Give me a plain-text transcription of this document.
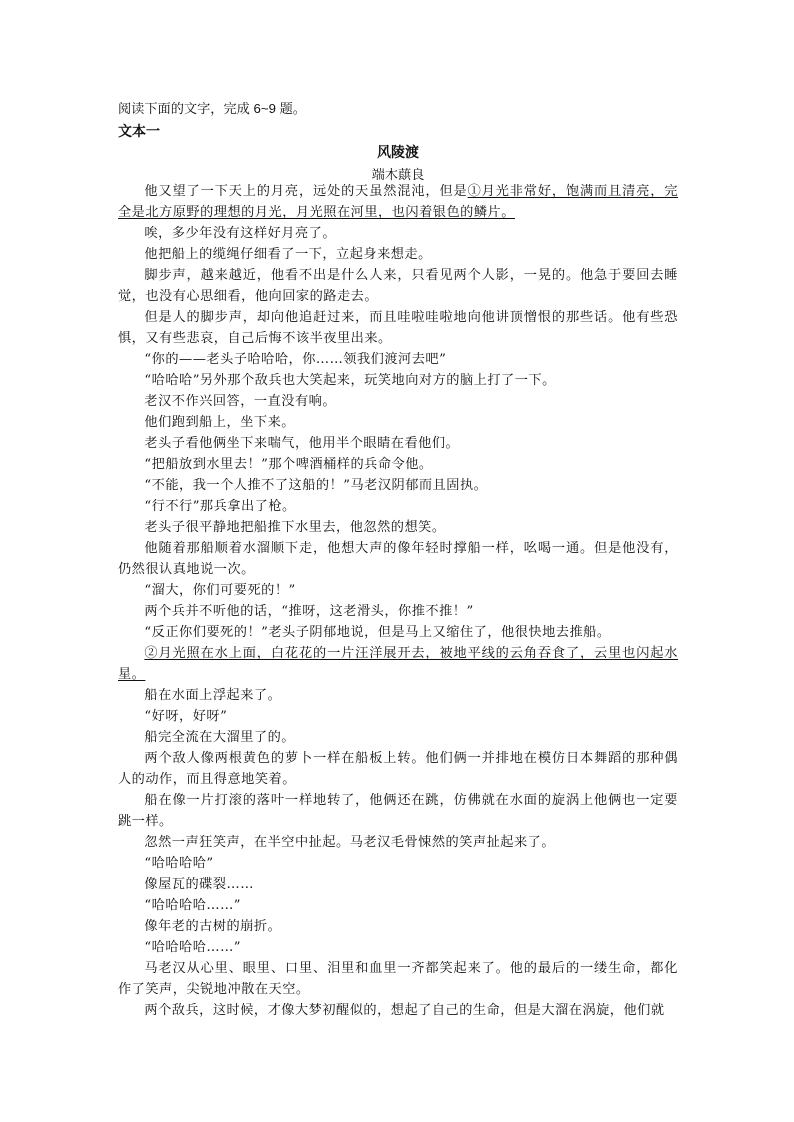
阅读下面的文字，完成 6~9 题。
文本一
风陵渡
端木蕻良

他又望了一下天上的月亮，远处的天虽然混沌，但是①月光非常好，饱满而且清亮，完全是北方原野的理想的月光，月光照在河里，也闪着银色的鳞片。

唉，多少年没有这样好月亮了。

他把船上的缆绳仔细看了一下，立起身来想走。

脚步声，越来越近，他看不出是什么人来，只看见两个人影，一晃的。他急于要回去睡觉，也没有心思细看，他向回家的路走去。

但是人的脚步声，却向他追赶过来，而且哇啦哇啦地向他讲顶憎恨的那些话。他有些恐惧，又有些悲哀，自己后悔不该半夜里出来。

“你的——老头子哈哈哈，你……领我们渡河去吧”

“哈哈哈”另外那个敌兵也大笑起来，玩笑地向对方的脑上打了一下。

老汉不作兴回答，一直没有响。

他们跑到船上，坐下来。

老头子看他俩坐下来喘气，他用半个眼睛在看他们。

“把船放到水里去！”那个啤酒桶样的兵命令他。

“不能，我一个人推不了这船的！”马老汉阴郁而且固执。

“行不行”那兵拿出了枪。

老头子很平静地把船推下水里去，他忽然的想笑。

他随着那船顺着水溜顺下走，他想大声的像年轻时撑船一样，吆喝一通。但是他没有，仍然很认真地说一次。

“溜大，你们可要死的！”

两个兵并不听他的话，“推呀，这老滑头，你推不推！”

“反正你们要死的！”老头子阴郁地说，但是马上又缩住了，他很快地去推船。

②月光照在水上面，白花花的一片汪洋展开去，被地平线的云角吞食了，云里也闪起水星。

船在水面上浮起来了。

“好呀，好呀”

船完全流在大溜里了的。

两个敌人像两根黄色的萝卜一样在船板上转。他们俩一并排地在模仿日本舞蹈的那种偶人的动作，而且得意地笑着。

船在像一片打滚的落叶一样地转了，他俩还在跳，仿佛就在水面的旋涡上他俩也一定要跳一样。

忽然一声狂笑声，在半空中扯起。马老汉毛骨悚然的笑声扯起来了。

“哈哈哈哈”

像屋瓦的碟裂……

“哈哈哈哈……”

像年老的古树的崩折。

“哈哈哈哈……”

马老汉从心里、眼里、口里、泪里和血里一齐都笑起来了。他的最后的一缕生命，都化作了笑声，尖锐地冲散在天空。

两个敌兵，这时候，才像大梦初醒似的，想起了自己的生命，但是大溜在涡旋，他们就
